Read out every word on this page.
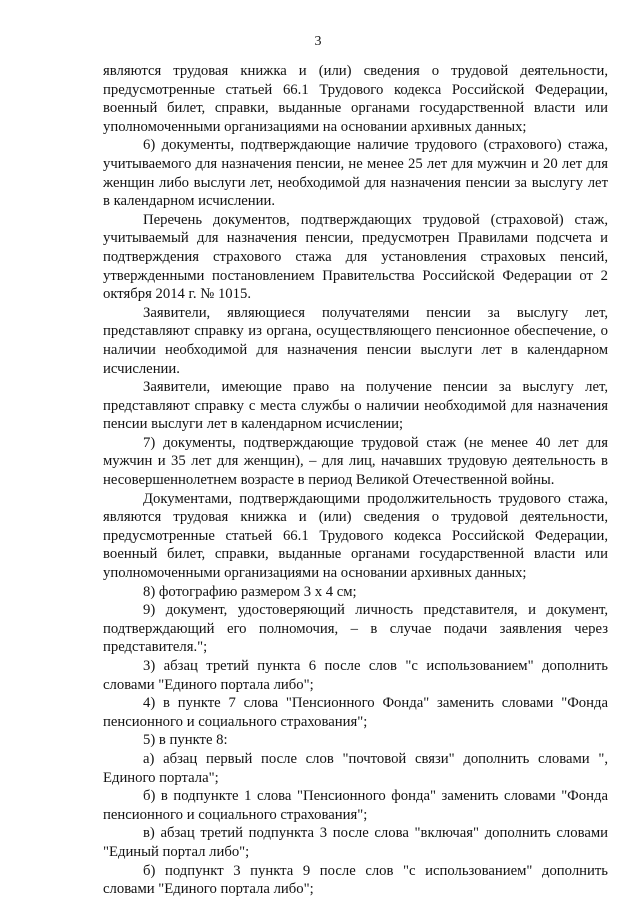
3

являются трудовая книжка и (или) сведения о трудовой деятельности, предусмотренные статьей 66.1 Трудового кодекса Российской Федерации, военный билет, справки, выданные органами государственной власти или уполномоченными организациями на основании архивных данных;

6) документы, подтверждающие наличие трудового (страхового) стажа, учитываемого для назначения пенсии, не менее 25 лет для мужчин и 20 лет для женщин либо выслуги лет, необходимой для назначения пенсии за выслугу лет в календарном исчислении.

Перечень документов, подтверждающих трудовой (страховой) стаж, учитываемый для назначения пенсии, предусмотрен Правилами подсчета и подтверждения страхового стажа для установления страховых пенсий, утвержденными постановлением Правительства Российской Федерации от 2 октября 2014 г. № 1015.

Заявители, являющиеся получателями пенсии за выслугу лет, представляют справку из органа, осуществляющего пенсионное обеспечение, о наличии необходимой для назначения пенсии выслуги лет в календарном исчислении.

Заявители, имеющие право на получение пенсии за выслугу лет, представляют справку с места службы о наличии необходимой для назначения пенсии выслуги лет в календарном исчислении;

7) документы, подтверждающие трудовой стаж (не менее 40 лет для мужчин и 35 лет для женщин), – для лиц, начавших трудовую деятельность в несовершеннолетнем возрасте в период Великой Отечественной войны.

Документами, подтверждающими продолжительность трудового стажа, являются трудовая книжка и (или) сведения о трудовой деятельности, предусмотренные статьей 66.1 Трудового кодекса Российской Федерации, военный билет, справки, выданные органами государственной власти или уполномоченными организациями на основании архивных данных;

8) фотографию размером 3 х 4 см;

9) документ, удостоверяющий личность представителя, и документ, подтверждающий его полномочия, – в случае подачи заявления через представителя.";

3) абзац третий пункта 6 после слов "с использованием" дополнить словами "Единого портала либо";

4) в пункте 7 слова "Пенсионного Фонда" заменить словами "Фонда пенсионного и социального страхования";

5) в пункте 8:

а) абзац первый после слов "почтовой связи" дополнить словами ", Единого портала";

б) в подпункте 1 слова "Пенсионного фонда" заменить словами "Фонда пенсионного и социального страхования";

в) абзац третий подпункта 3 после слова "включая" дополнить словами "Единый портал либо";

б) подпункт 3 пункта 9 после слов "с использованием" дополнить словами "Единого портала либо";
